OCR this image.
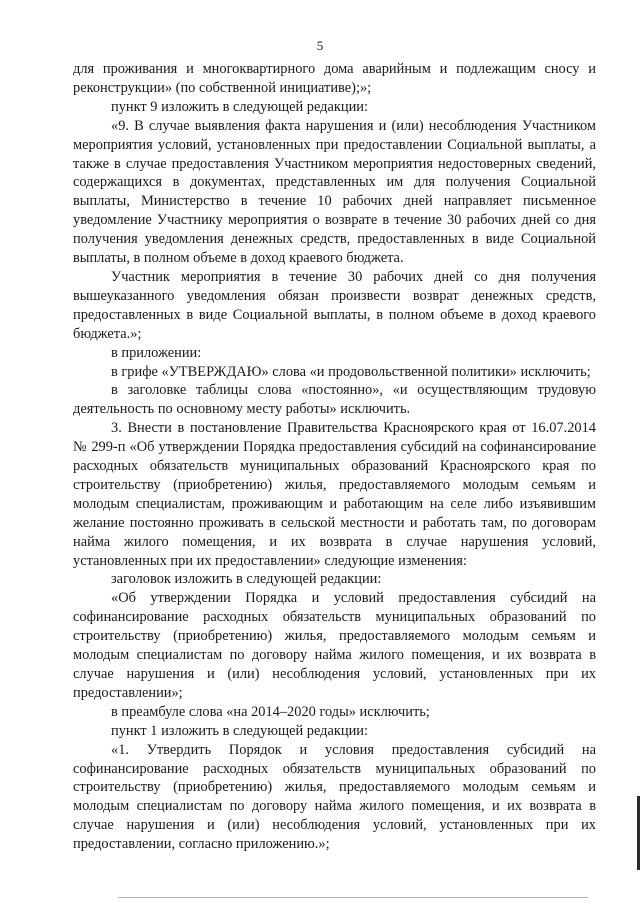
5

для проживания и многоквартирного дома аварийным и подлежащим сносу и реконструкции» (по собственной инициативе);»;

пункт 9 изложить в следующей редакции:

«9. В случае выявления факта нарушения и (или) несоблюдения Участником мероприятия условий, установленных при предоставлении Социальной выплаты, а также в случае предоставления Участником мероприятия недостоверных сведений, содержащихся в документах, представленных им для получения Социальной выплаты, Министерство в течение 10 рабочих дней направляет письменное уведомление Участнику мероприятия о возврате в течение 30 рабочих дней со дня получения уведомления денежных средств, предоставленных в виде Социальной выплаты, в полном объеме в доход краевого бюджета.

Участник мероприятия в течение 30 рабочих дней со дня получения вышеуказанного уведомления обязан произвести возврат денежных средств, предоставленных в виде Социальной выплаты, в полном объеме в доход краевого бюджета.»;

в приложении:

в грифе «УТВЕРЖДАЮ» слова «и продовольственной политики» исключить;

в заголовке таблицы слова «постоянно», «и осуществляющим трудовую деятельность по основному месту работы» исключить.

3. Внести в постановление Правительства Красноярского края от 16.07.2014 № 299-п «Об утверждении Порядка предоставления субсидий на софинансирование расходных обязательств муниципальных образований Красноярского края по строительству (приобретению) жилья, предоставляемого молодым семьям и молодым специалистам, проживающим и работающим на селе либо изъявившим желание постоянно проживать в сельской местности и работать там, по договорам найма жилого помещения, и их возврата в случае нарушения условий, установленных при их предоставлении» следующие изменения:

заголовок изложить в следующей редакции:

«Об утверждении Порядка и условий предоставления субсидий на софинансирование расходных обязательств муниципальных образований по строительству (приобретению) жилья, предоставляемого молодым семьям и молодым специалистам по договору найма жилого помещения, и их возврата в случае нарушения и (или) несоблюдения условий, установленных при их предоставлении»;

в преамбуле слова «на 2014–2020 годы» исключить;

пункт 1 изложить в следующей редакции:

«1. Утвердить Порядок и условия предоставления субсидий на софинансирование расходных обязательств муниципальных образований по строительству (приобретению) жилья, предоставляемого молодым семьям и молодым специалистам по договору найма жилого помещения, и их возврата в случае нарушения и (или) несоблюдения условий, установленных при их предоставлении, согласно приложению.»;
